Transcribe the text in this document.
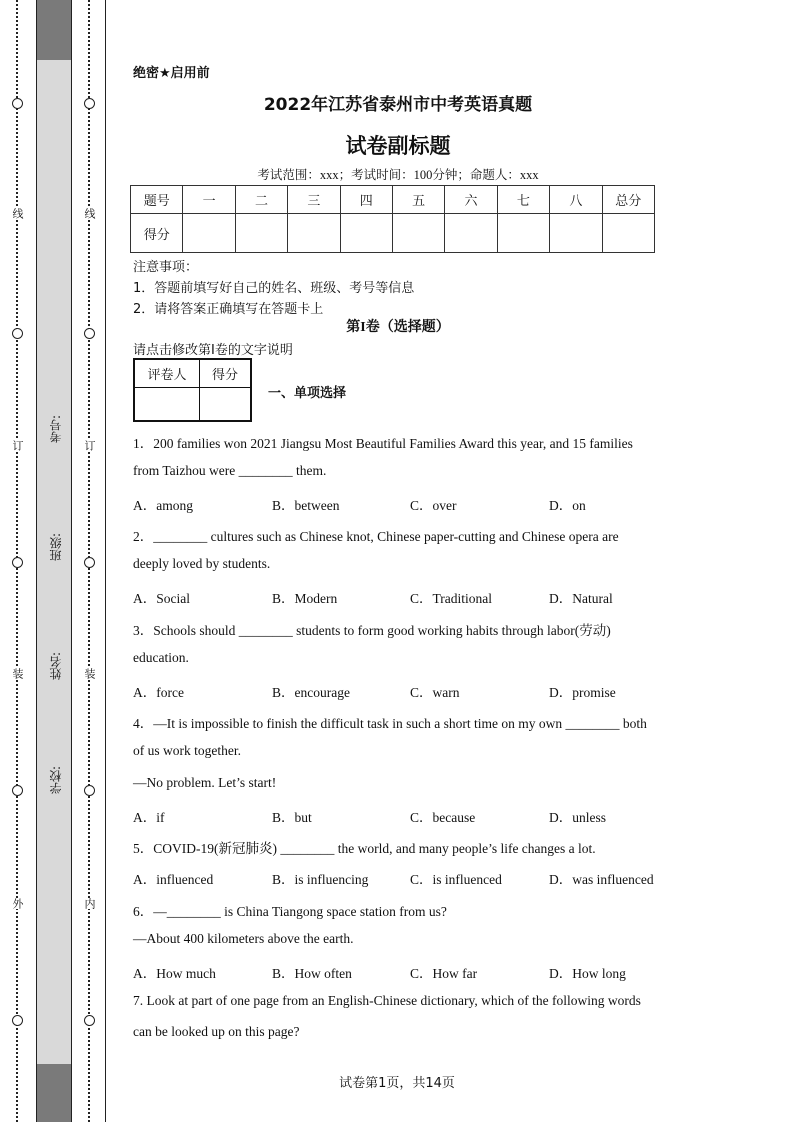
线
订
装
外
考号:
班级:
姓名:
学校:
线
订
装
内
绝密★启用前
2022年江苏省泰州市中考英语真题
试卷副标题
考试范围：xxx；考试时间：100分钟；命题人：xxx
题号	一	二	三	四	五	六	七	八	总分
得分									
注意事项：
1．答题前填写好自己的姓名、班级、考号等信息
2．请将答案正确填写在答题卡上
第I卷（选择题）
请点击修改第I卷的文字说明
评卷人	得分

一、单项选择
1．200 families won 2021 Jiangsu Most Beautiful Families Award this year, and 15 families
from Taizhou were ________ them.
A．among	B．between	C．over	D．on
2．________ cultures such as Chinese knot, Chinese paper-cutting and Chinese opera are
deeply loved by students.
A．Social	B．Modern	C．Traditional	D．Natural
3．Schools should ________ students to form good working habits through labor(劳动)
education.
A．force	B．encourage	C．warn	D．promise
4．—It is impossible to finish the difficult task in such a short time on my own ________ both
of us work together.
—No problem. Let’s start!
A．if	B．but	C．because	D．unless
5．COVID-19(新冠肺炎) ________ the world, and many people’s life changes a lot.
A．influenced	B．is influencing	C．is influenced	D．was influenced
6．—________ is China Tiangong space station from us?
—About 400 kilometers above the earth.
A．How much	B．How often	C．How far	D．How long
7. Look at part of one page from an English-Chinese dictionary, which of the following words
can be looked up on this page?
试卷第1页，共14页
